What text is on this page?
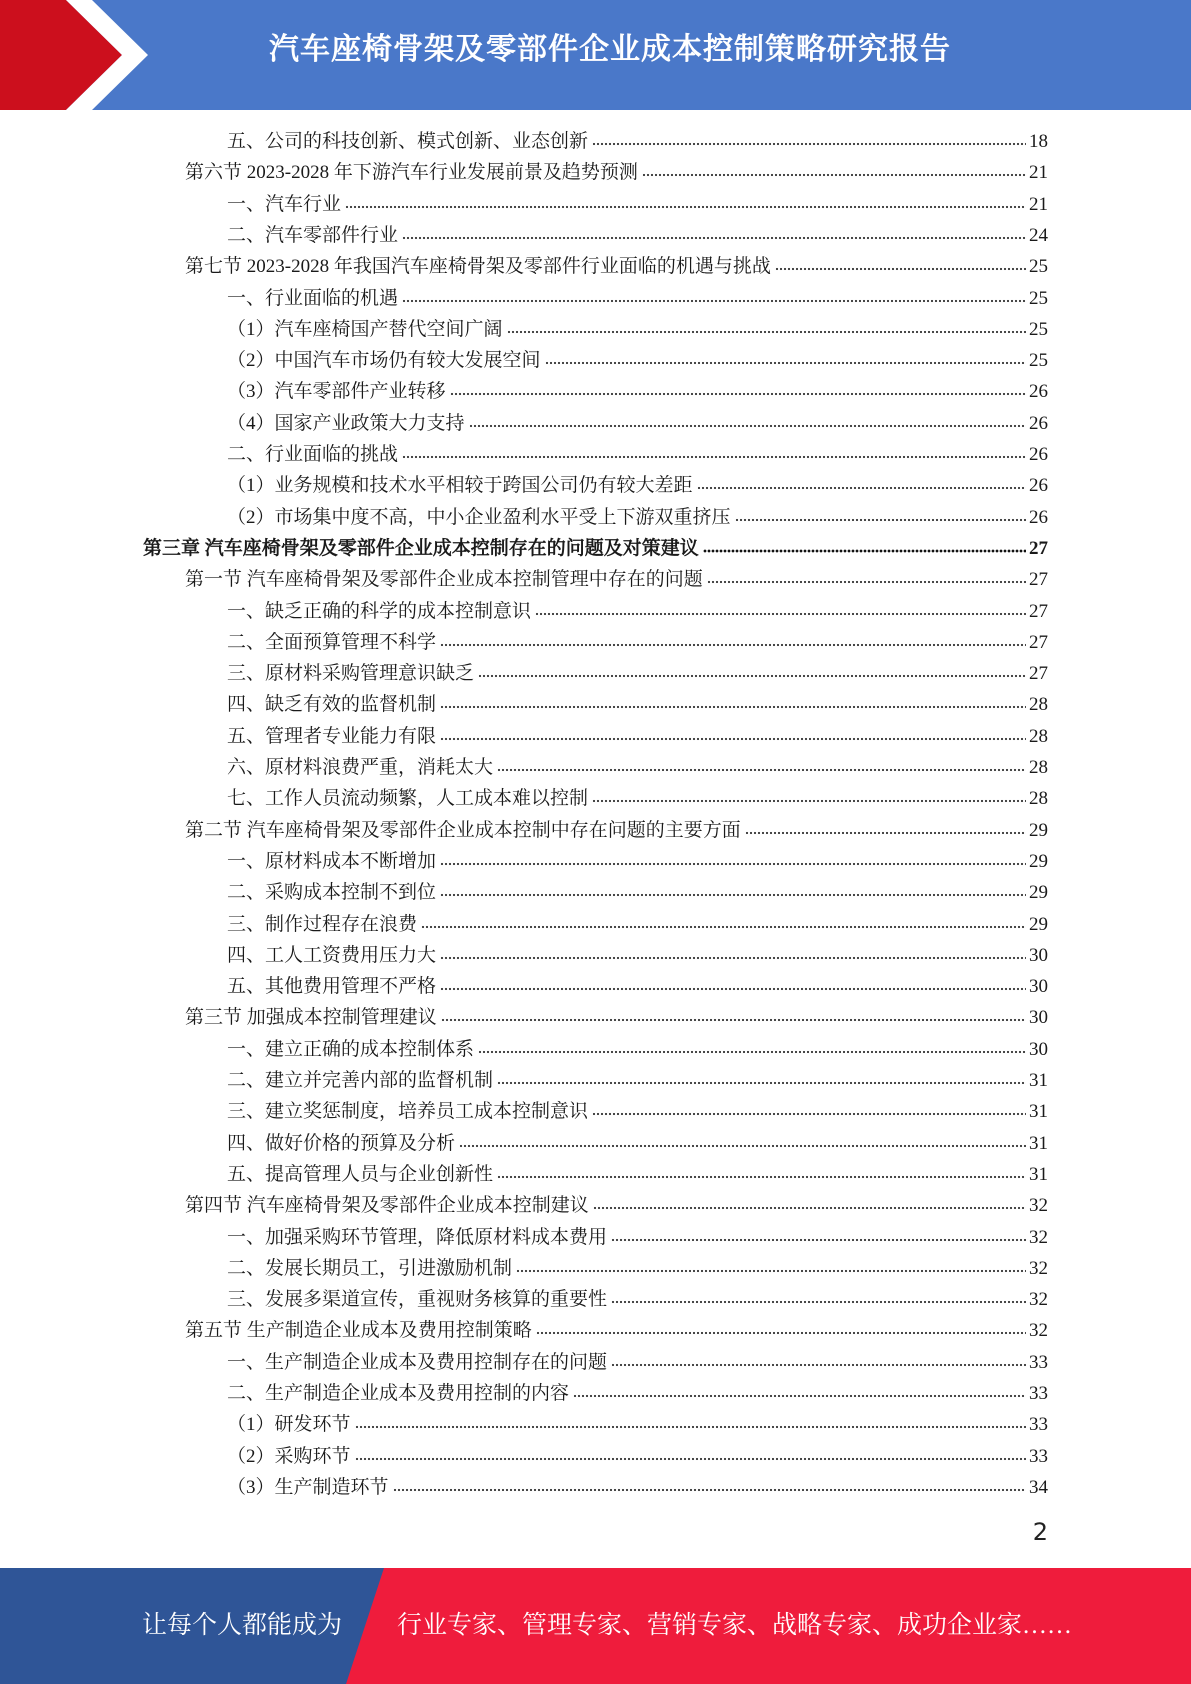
汽车座椅骨架及零部件企业成本控制策略研究报告
五、公司的科技创新、模式创新、业态创新	18
第六节 2023-2028 年下游汽车行业发展前景及趋势预测	21
一、汽车行业	21
二、汽车零部件行业	24
第七节 2023-2028 年我国汽车座椅骨架及零部件行业面临的机遇与挑战	25
一、行业面临的机遇	25
（1）汽车座椅国产替代空间广阔	25
（2）中国汽车市场仍有较大发展空间	25
（3）汽车零部件产业转移	26
（4）国家产业政策大力支持	26
二、行业面临的挑战	26
（1）业务规模和技术水平相较于跨国公司仍有较大差距	26
（2）市场集中度不高，中小企业盈利水平受上下游双重挤压	26
第三章 汽车座椅骨架及零部件企业成本控制存在的问题及对策建议	27
第一节 汽车座椅骨架及零部件企业成本控制管理中存在的问题	27
一、缺乏正确的科学的成本控制意识	27
二、全面预算管理不科学	27
三、原材料采购管理意识缺乏	27
四、缺乏有效的监督机制	28
五、管理者专业能力有限	28
六、原材料浪费严重，消耗太大	28
七、工作人员流动频繁，人工成本难以控制	28
第二节 汽车座椅骨架及零部件企业成本控制中存在问题的主要方面	29
一、原材料成本不断增加	29
二、采购成本控制不到位	29
三、制作过程存在浪费	29
四、工人工资费用压力大	30
五、其他费用管理不严格	30
第三节 加强成本控制管理建议	30
一、建立正确的成本控制体系	30
二、建立并完善内部的监督机制	31
三、建立奖惩制度，培养员工成本控制意识	31
四、做好价格的预算及分析	31
五、提高管理人员与企业创新性	31
第四节 汽车座椅骨架及零部件企业成本控制建议	32
一、加强采购环节管理，降低原材料成本费用	32
二、发展长期员工，引进激励机制	32
三、发展多渠道宣传，重视财务核算的重要性	32
第五节 生产制造企业成本及费用控制策略	32
一、生产制造企业成本及费用控制存在的问题	33
二、生产制造企业成本及费用控制的内容	33
（1）研发环节	33
（2）采购环节	33
（3）生产制造环节	34
2
让每个人都能成为 行业专家、管理专家、营销专家、战略专家、成功企业家……
